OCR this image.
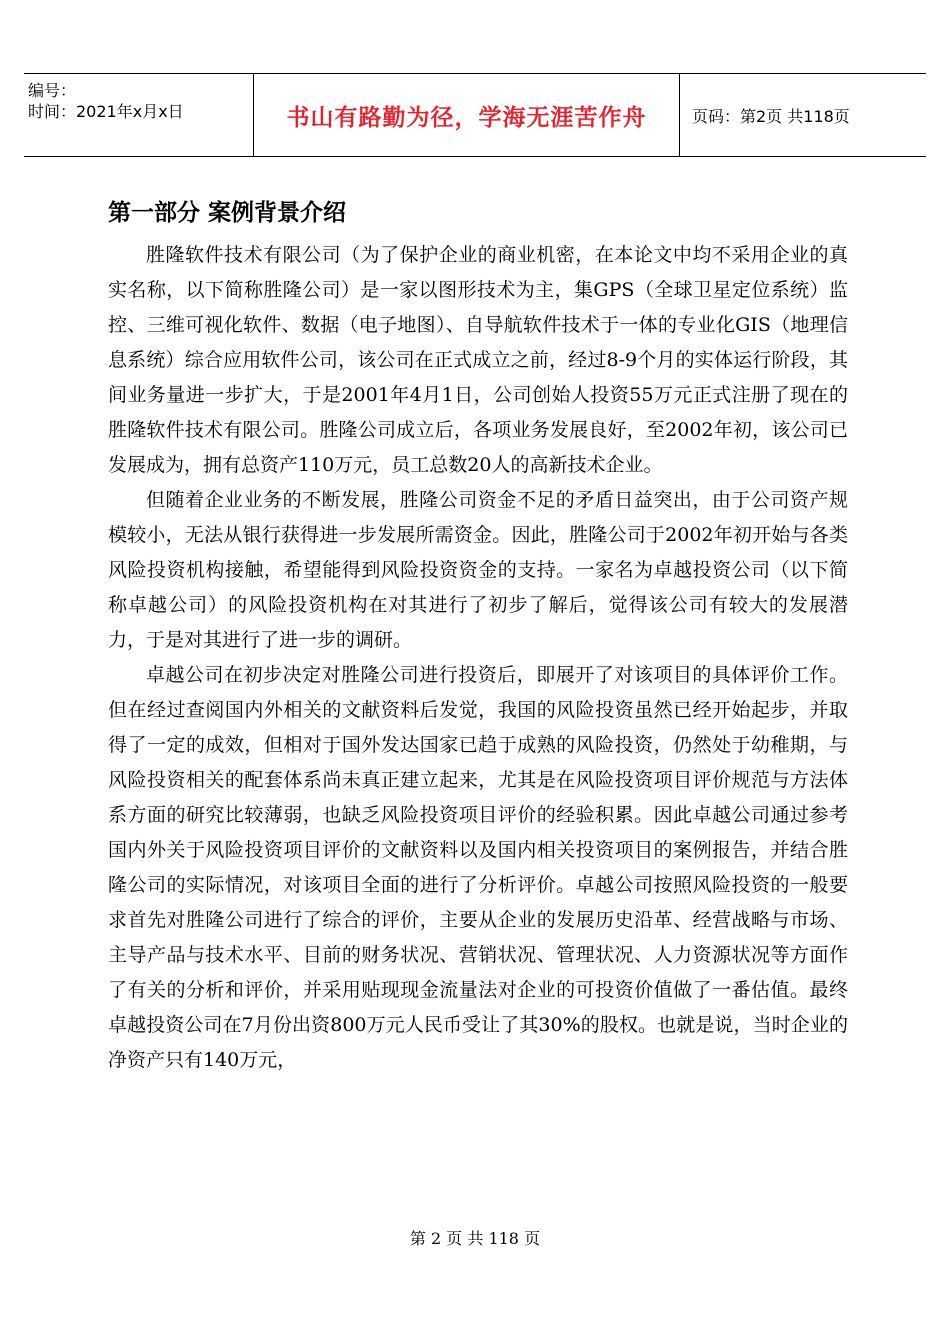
编号：
时间：2021年x月x日	书山有路勤为径，学海无涯苦作舟	页码：第2页 共118页
第一部分 案例背景介绍

胜隆软件技术有限公司（为了保护企业的商业机密，在本论文中均不采用企业的真实名称，以下简称胜隆公司）是一家以图形技术为主，集GPS（全球卫星定位系统）监控、三维可视化软件、数据（电子地图）、自导航软件技术于一体的专业化GIS（地理信息系统）综合应用软件公司，该公司在正式成立之前，经过8-9个月的实体运行阶段，其间业务量进一步扩大，于是2001年4月1日，公司创始人投资55万元正式注册了现在的胜隆软件技术有限公司。胜隆公司成立后，各项业务发展良好，至2002年初，该公司已发展成为，拥有总资产110万元，员工总数20人的高新技术企业。

但随着企业业务的不断发展，胜隆公司资金不足的矛盾日益突出，由于公司资产规模较小，无法从银行获得进一步发展所需资金。因此，胜隆公司于2002年初开始与各类风险投资机构接触，希望能得到风险投资资金的支持。一家名为卓越投资公司（以下简称卓越公司）的风险投资机构在对其进行了初步了解后，觉得该公司有较大的发展潜力，于是对其进行了进一步的调研。

卓越公司在初步决定对胜隆公司进行投资后，即展开了对该项目的具体评价工作。但在经过查阅国内外相关的文献资料后发觉，我国的风险投资虽然已经开始起步，并取得了一定的成效，但相对于国外发达国家已趋于成熟的风险投资，仍然处于幼稚期，与风险投资相关的配套体系尚未真正建立起来，尤其是在风险投资项目评价规范与方法体系方面的研究比较薄弱，也缺乏风险投资项目评价的经验积累。因此卓越公司通过参考国内外关于风险投资项目评价的文献资料以及国内相关投资项目的案例报告，并结合胜隆公司的实际情况，对该项目全面的进行了分析评价。卓越公司按照风险投资的一般要求首先对胜隆公司进行了综合的评价，主要从企业的发展历史沿革、经营战略与市场、主导产品与技术水平、目前的财务状况、营销状况、管理状况、人力资源状况等方面作了有关的分析和评价，并采用贴现现金流量法对企业的可投资价值做了一番估值。最终卓越投资公司在7月份出资800万元人民币受让了其30%的股权。也就是说，当时企业的净资产只有140万元，

第 2 页 共 118 页
